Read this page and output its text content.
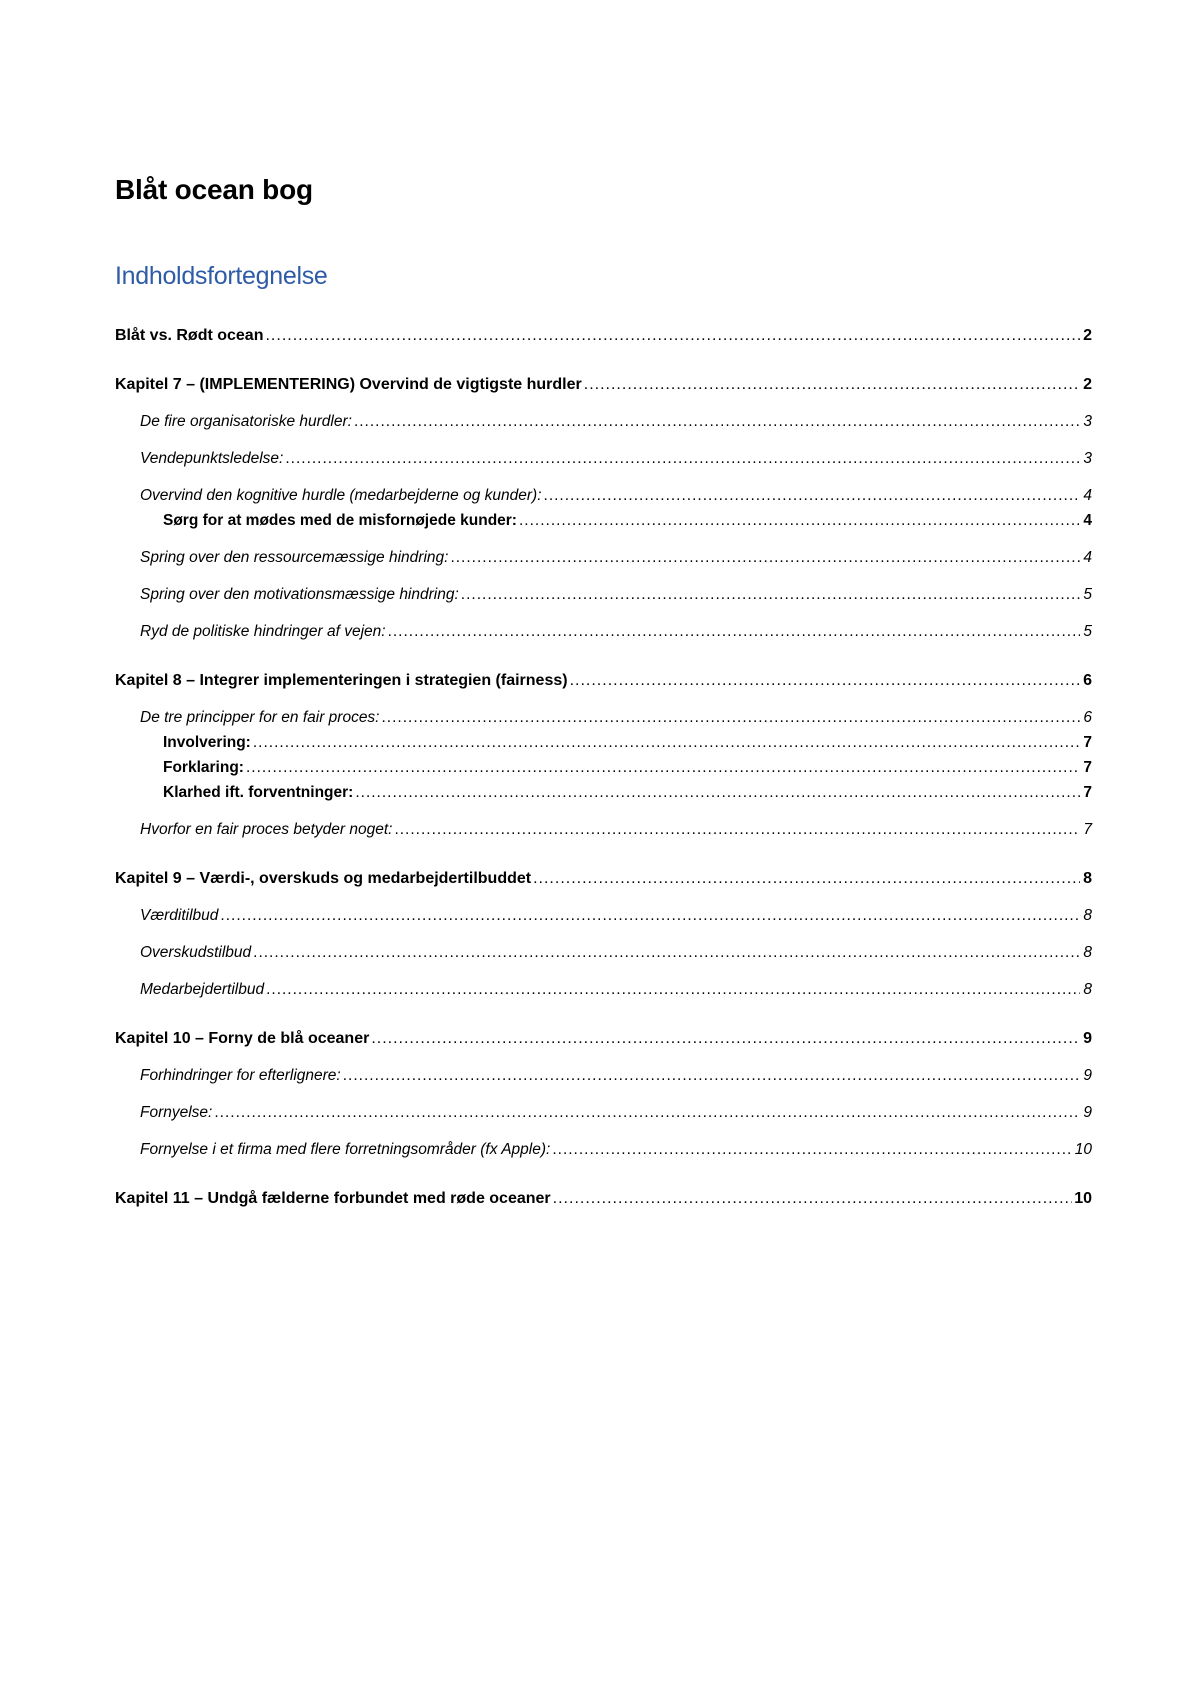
Blåt ocean bog
Indholdsfortegnelse
Blåt vs. Rødt ocean .....	2
Kapitel 7 – (IMPLEMENTERING) Overvind de vigtigste hurdler .....	2
De fire organisatoriske hurdler: .....	3
Vendepunktsledelse: .....	3
Overvind den kognitive hurdle (medarbejderne og kunder): .....	4
Sørg for at mødes med de misfornøjede kunder: .....	4
Spring over den ressourcemæssige hindring: .....	4
Spring over den motivationsmæssige hindring: .....	5
Ryd de politiske hindringer af vejen: .....	5
Kapitel 8 – Integrer implementeringen i strategien (fairness) .....	6
De tre principper for en fair proces: .....	6
Involvering: .....	7
Forklaring: .....	7
Klarhed ift. forventninger: .....	7
Hvorfor en fair proces betyder noget: .....	7
Kapitel 9 – Værdi-, overskuds og medarbejdertilbuddet .....	8
Værditilbud .....	8
Overskudstilbud .....	8
Medarbejdertilbud .....	8
Kapitel 10 – Forny de blå oceaner .....	9
Forhindringer for efterlignere: .....	9
Fornyelse: .....	9
Fornyelse i et firma med flere forretningsområder (fx Apple): .....	10
Kapitel 11 – Undgå fælderne forbundet med røde oceaner .....	10
